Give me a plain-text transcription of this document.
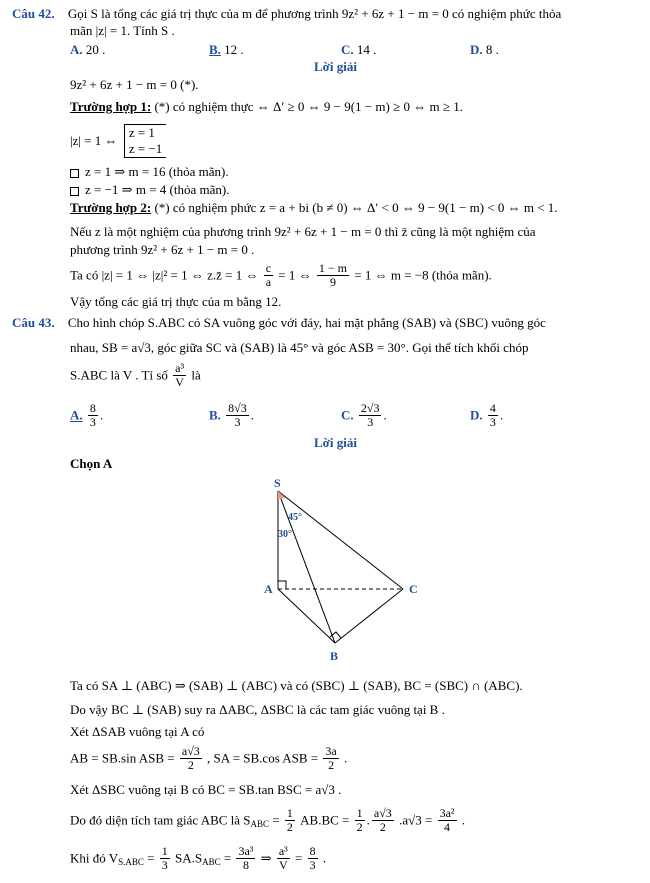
Câu 42. Gọi S là tổng các giá trị thực của m để phương trình 9z² + 6z + 1 − m = 0 có nghiệm phức thỏa
mãn |z| = 1. Tính S .
A. 20 .	B. 12 .	C. 14 .	D. 8 .
Lời giải
9z² + 6z + 1 − m = 0 (*).
Trường hợp 1: (*) có nghiệm thực ⇔ Δ′ ≥ 0 ⇔ 9 − 9(1 − m) ≥ 0 ⇔ m ≥ 1.
|z| = 1 ⇔
z = 1
z = −1
z = 1 ⇒ m = 16 (thỏa mãn).
z = −1 ⇒ m = 4 (thỏa mãn).
Trường hợp 2: (*) có nghiệm phức z = a + bi (b ≠ 0) ⇔ Δ′ < 0 ⇔ 9 − 9(1 − m) < 0 ⇔ m < 1.
Nếu z là một nghiệm của phương trình 9z² + 6z + 1 − m = 0 thì z̄ cũng là một nghiệm của
phương trình 9z² + 6z + 1 − m = 0 .
Ta có |z| = 1 ⇔ |z|² = 1 ⇔ z.z̄ = 1 ⇔ $\frac{c}{a} = 1$ ⇔ $\frac{1 - m}{9} = 1$ ⇔ m = −8 (thỏa mãn).
Vậy tổng các giá trị thực của m bằng 12.
Câu 43. Cho hình chóp S.ABC có SA vuông góc với đáy, hai mặt phẳng (SAB) và (SBC) vuông góc
nhau, SB = a√3, góc giữa SC và (SAB) là 45° và góc ASB = 30°. Gọi thể tích khối chóp
S.ABC là V . Tỉ số $\frac{\text{a³}}{V}$ là
A. $\frac{8}{3}$ .	B. $\frac{8√3}{3}$ .	C. $\frac{2√3}{3}$ .	D. $\frac{4}{3}$ .
Lời giải
Chọn A
S
A
B
C
45°
30°
Ta có SA ⊥ (ABC) ⇒ (SAB) ⊥ (ABC) và có (SBC) ⊥ (SAB), BC = (SBC) ∩ (ABC).
Do vậy BC ⊥ (SAB) suy ra ΔABC, ΔSBC là các tam giác vuông tại B .
Xét ΔSAB vuông tại A có
AB = SB.sin ASB = $\frac{a√3}{2}$ , SA = SB.cos ASB = $\frac{3a}{2}$ .
Xét ΔSBC vuông tại B có BC = SB.tan BSC = a√3 .
Do đó diện tích tam giác ABC là $S_{ABC} = \frac{1}{2} AB.BC = \frac{1}{2}$ . $\frac{a√3}{2} .a√3 = \frac{\text{3a²}}{4}$ .
Khi đó $V_{S.ABC} = \frac{1}{3} SA.S_{ABC} = \frac{\text{3a³}}{8}$ ⇒ $\frac{\text{a³}}{V} = \frac{8}{3}$ .
